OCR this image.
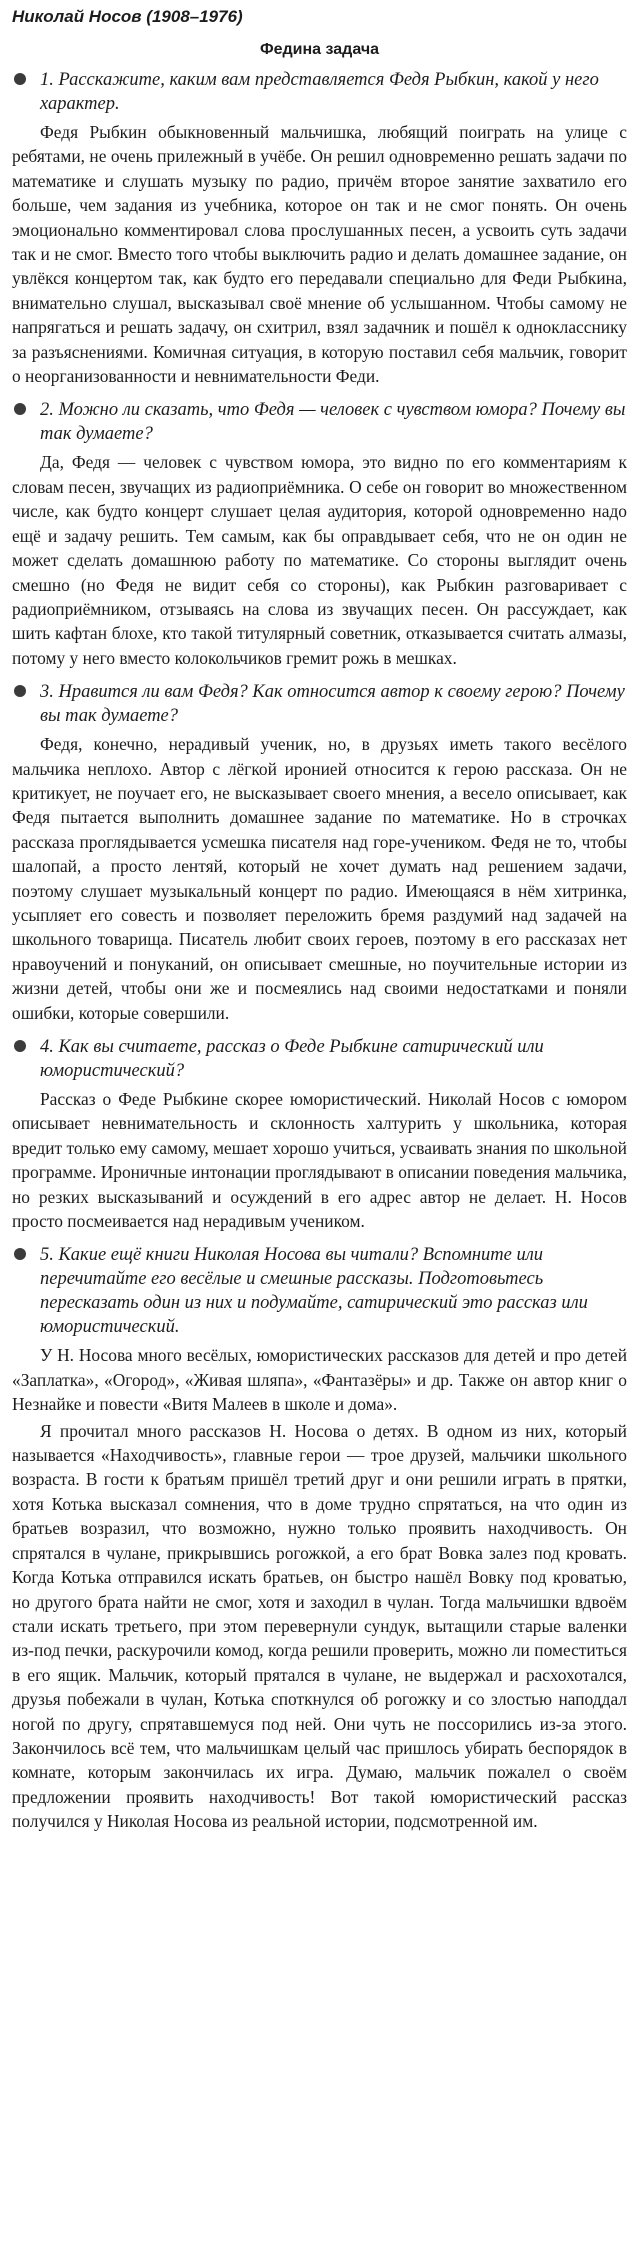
Николай Носов (1908–1976)
Федина задача
1. Расскажите, каким вам представляется Федя Рыбкин, какой у него характер.

Федя Рыбкин обыкновенный мальчишка, любящий поиграть на улице с ребятами, не очень прилежный в учёбе. Он решил одновременно решать задачи по математике и слушать музыку по радио, причём второе занятие захватило его больше, чем задания из учебника, которое он так и не смог понять. Он очень эмоционально комментировал слова прослушанных песен, а усвоить суть задачи так и не смог. Вместо того чтобы выключить радио и делать домашнее задание, он увлёкся концертом так, как будто его передавали специально для Феди Рыбкина, внимательно слушал, высказывал своё мнение об услышанном. Чтобы самому не напрягаться и решать задачу, он схитрил, взял задачник и пошёл к однокласснику за разъяснениями. Комичная ситуация, в которую поставил себя мальчик, говорит о неорганизованности и невнимательности Феди.

2. Можно ли сказать, что Федя — человек с чувством юмора? Почему вы так думаете?

Да, Федя — человек с чувством юмора, это видно по его комментариям к словам песен, звучащих из радиоприёмника. О себе он говорит во множественном числе, как будто концерт слушает целая аудитория, которой одновременно надо ещё и задачу решить. Тем самым, как бы оправдывает себя, что не он один не может сделать домашнюю работу по математике. Со стороны выглядит очень смешно (но Федя не видит себя со стороны), как Рыбкин разговаривает с радиоприёмником, отзываясь на слова из звучащих песен. Он рассуждает, как шить кафтан блохе, кто такой титулярный советник, отказывается считать алмазы, потому у него вместо колокольчиков гремит рожь в мешках.

3. Нравится ли вам Федя? Как относится автор к своему герою? Почему вы так думаете?

Федя, конечно, нерадивый ученик, но, в друзьях иметь такого весёлого мальчика неплохо. Автор с лёгкой иронией относится к герою рассказа. Он не критикует, не поучает его, не высказывает своего мнения, а весело описывает, как Федя пытается выполнить домашнее задание по математике. Но в строчках рассказа проглядывается усмешка писателя над горе-учеником. Федя не то, чтобы шалопай, а просто лентяй, который не хочет думать над решением задачи, поэтому слушает музыкальный концерт по радио. Имеющаяся в нём хитринка, усыпляет его совесть и позволяет переложить бремя раздумий над задачей на школьного товарища. Писатель любит своих героев, поэтому в его рассказах нет нравоучений и понуканий, он описывает смешные, но поучительные истории из жизни детей, чтобы они же и посмеялись над своими недостатками и поняли ошибки, которые совершили.

4. Как вы считаете, рассказ о Феде Рыбкине сатирический или юмористический?

Рассказ о Феде Рыбкине скорее юмористический. Николай Носов с юмором описывает невнимательность и склонность халтурить у школьника, которая вредит только ему самому, мешает хорошо учиться, усваивать знания по школьной программе. Ироничные интонации проглядывают в описании поведения мальчика, но резких высказываний и осуждений в его адрес автор не делает. Н. Носов просто посмеивается над нерадивым учеником.

5. Какие ещё книги Николая Носова вы читали? Вспомните или перечитайте его весёлые и смешные рассказы. Подготовьтесь пересказать один из них и подумайте, сатирический это рассказ или юмористический.

У Н. Носова много весёлых, юмористических рассказов для детей и про детей «Заплатка», «Огород», «Живая шляпа», «Фантазёры» и др. Также он автор книг о Незнайке и повести «Витя Малеев в школе и дома».

Я прочитал много рассказов Н. Носова о детях. В одном из них, который называется «Находчивость», главные герои — трое друзей, мальчики школьного возраста. В гости к братьям пришёл третий друг и они решили играть в прятки, хотя Котька высказал сомнения, что в доме трудно спрятаться, на что один из братьев возразил, что возможно, нужно только проявить находчивость. Он спрятался в чулане, прикрывшись рогожкой, а его брат Вовка залез под кровать. Когда Котька отправился искать братьев, он быстро нашёл Вовку под кроватью, но другого брата найти не смог, хотя и заходил в чулан. Тогда мальчишки вдвоём стали искать третьего, при этом перевернули сундук, вытащили старые валенки из-под печки, раскурочили комод, когда решили проверить, можно ли поместиться в его ящик. Мальчик, который прятался в чулане, не выдержал и расхохотался, друзья побежали в чулан, Котька споткнулся об рогожку и со злостью наподдал ногой по другу, спрятавшемуся под ней. Они чуть не поссорились из-за этого. Закончилось всё тем, что мальчишкам целый час пришлось убирать беспорядок в комнате, которым закончилась их игра. Думаю, мальчик пожалел о своём предложении проявить находчивость! Вот такой юмористический рассказ получился у Николая Носова из реальной истории, подсмотренной им.
